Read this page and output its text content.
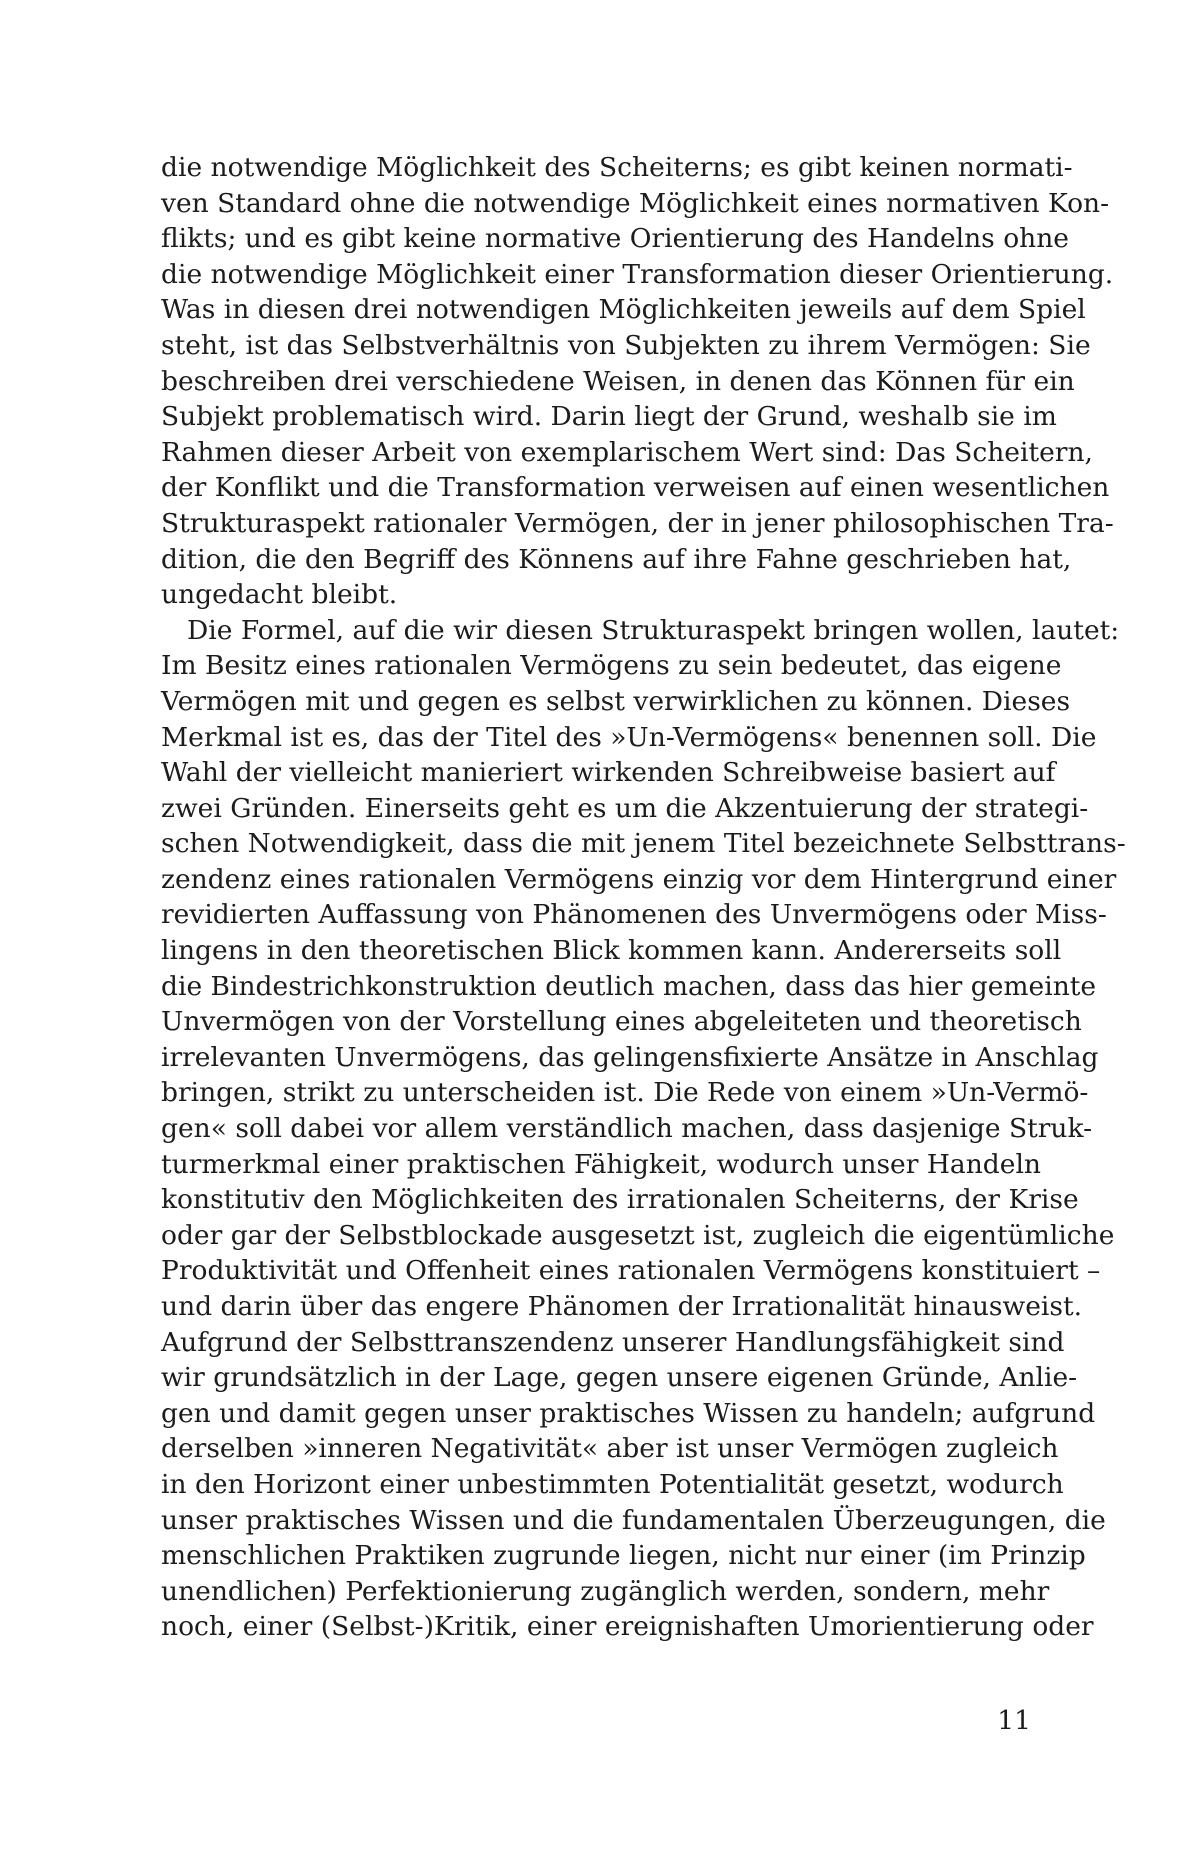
die notwendige Möglichkeit des Scheiterns; es gibt keinen normati-
ven Standard ohne die notwendige Möglichkeit eines normativen Kon-
flikts; und es gibt keine normative Orientierung des Handelns ohne
die notwendige Möglichkeit einer Transformation dieser Orientierung.
Was in diesen drei notwendigen Möglichkeiten jeweils auf dem Spiel
steht, ist das Selbstverhältnis von Subjekten zu ihrem Vermögen: Sie
beschreiben drei verschiedene Weisen, in denen das Können für ein
Subjekt problematisch wird. Darin liegt der Grund, weshalb sie im
Rahmen dieser Arbeit von exemplarischem Wert sind: Das Scheitern,
der Konflikt und die Transformation verweisen auf einen wesentlichen
Strukturaspekt rationaler Vermögen, der in jener philosophischen Tra-
dition, die den Begriff des Könnens auf ihre Fahne geschrieben hat,
ungedacht bleibt.
Die Formel, auf die wir diesen Strukturaspekt bringen wollen, lautet:
Im Besitz eines rationalen Vermögens zu sein bedeutet, das eigene
Vermögen mit und gegen es selbst verwirklichen zu können. Dieses
Merkmal ist es, das der Titel des »Un-Vermögens« benennen soll. Die
Wahl der vielleicht manieriert wirkenden Schreibweise basiert auf
zwei Gründen. Einerseits geht es um die Akzentuierung der strategi-
schen Notwendigkeit, dass die mit jenem Titel bezeichnete Selbsttrans-
zendenz eines rationalen Vermögens einzig vor dem Hintergrund einer
revidierten Auffassung von Phänomenen des Unvermögens oder Miss-
lingens in den theoretischen Blick kommen kann. Andererseits soll
die Bindestrichkonstruktion deutlich machen, dass das hier gemeinte
Unvermögen von der Vorstellung eines abgeleiteten und theoretisch
irrelevanten Unvermögens, das gelingensfixierte Ansätze in Anschlag
bringen, strikt zu unterscheiden ist. Die Rede von einem »Un-Vermö-
gen« soll dabei vor allem verständlich machen, dass dasjenige Struk-
turmerkmal einer praktischen Fähigkeit, wodurch unser Handeln
konstitutiv den Möglichkeiten des irrationalen Scheiterns, der Krise
oder gar der Selbstblockade ausgesetzt ist, zugleich die eigentümliche
Produktivität und Offenheit eines rationalen Vermögens konstituiert –
und darin über das engere Phänomen der Irrationalität hinausweist.
Aufgrund der Selbsttranszendenz unserer Handlungsfähigkeit sind
wir grundsätzlich in der Lage, gegen unsere eigenen Gründe, Anlie-
gen und damit gegen unser praktisches Wissen zu handeln; aufgrund
derselben »inneren Negativität« aber ist unser Vermögen zugleich
in den Horizont einer unbestimmten Potentialität gesetzt, wodurch
unser praktisches Wissen und die fundamentalen Überzeugungen, die
menschlichen Praktiken zugrunde liegen, nicht nur einer (im Prinzip
unendlichen) Perfektionierung zugänglich werden, sondern, mehr
noch, einer (Selbst-)Kritik, einer ereignishaften Umorientierung oder
11
